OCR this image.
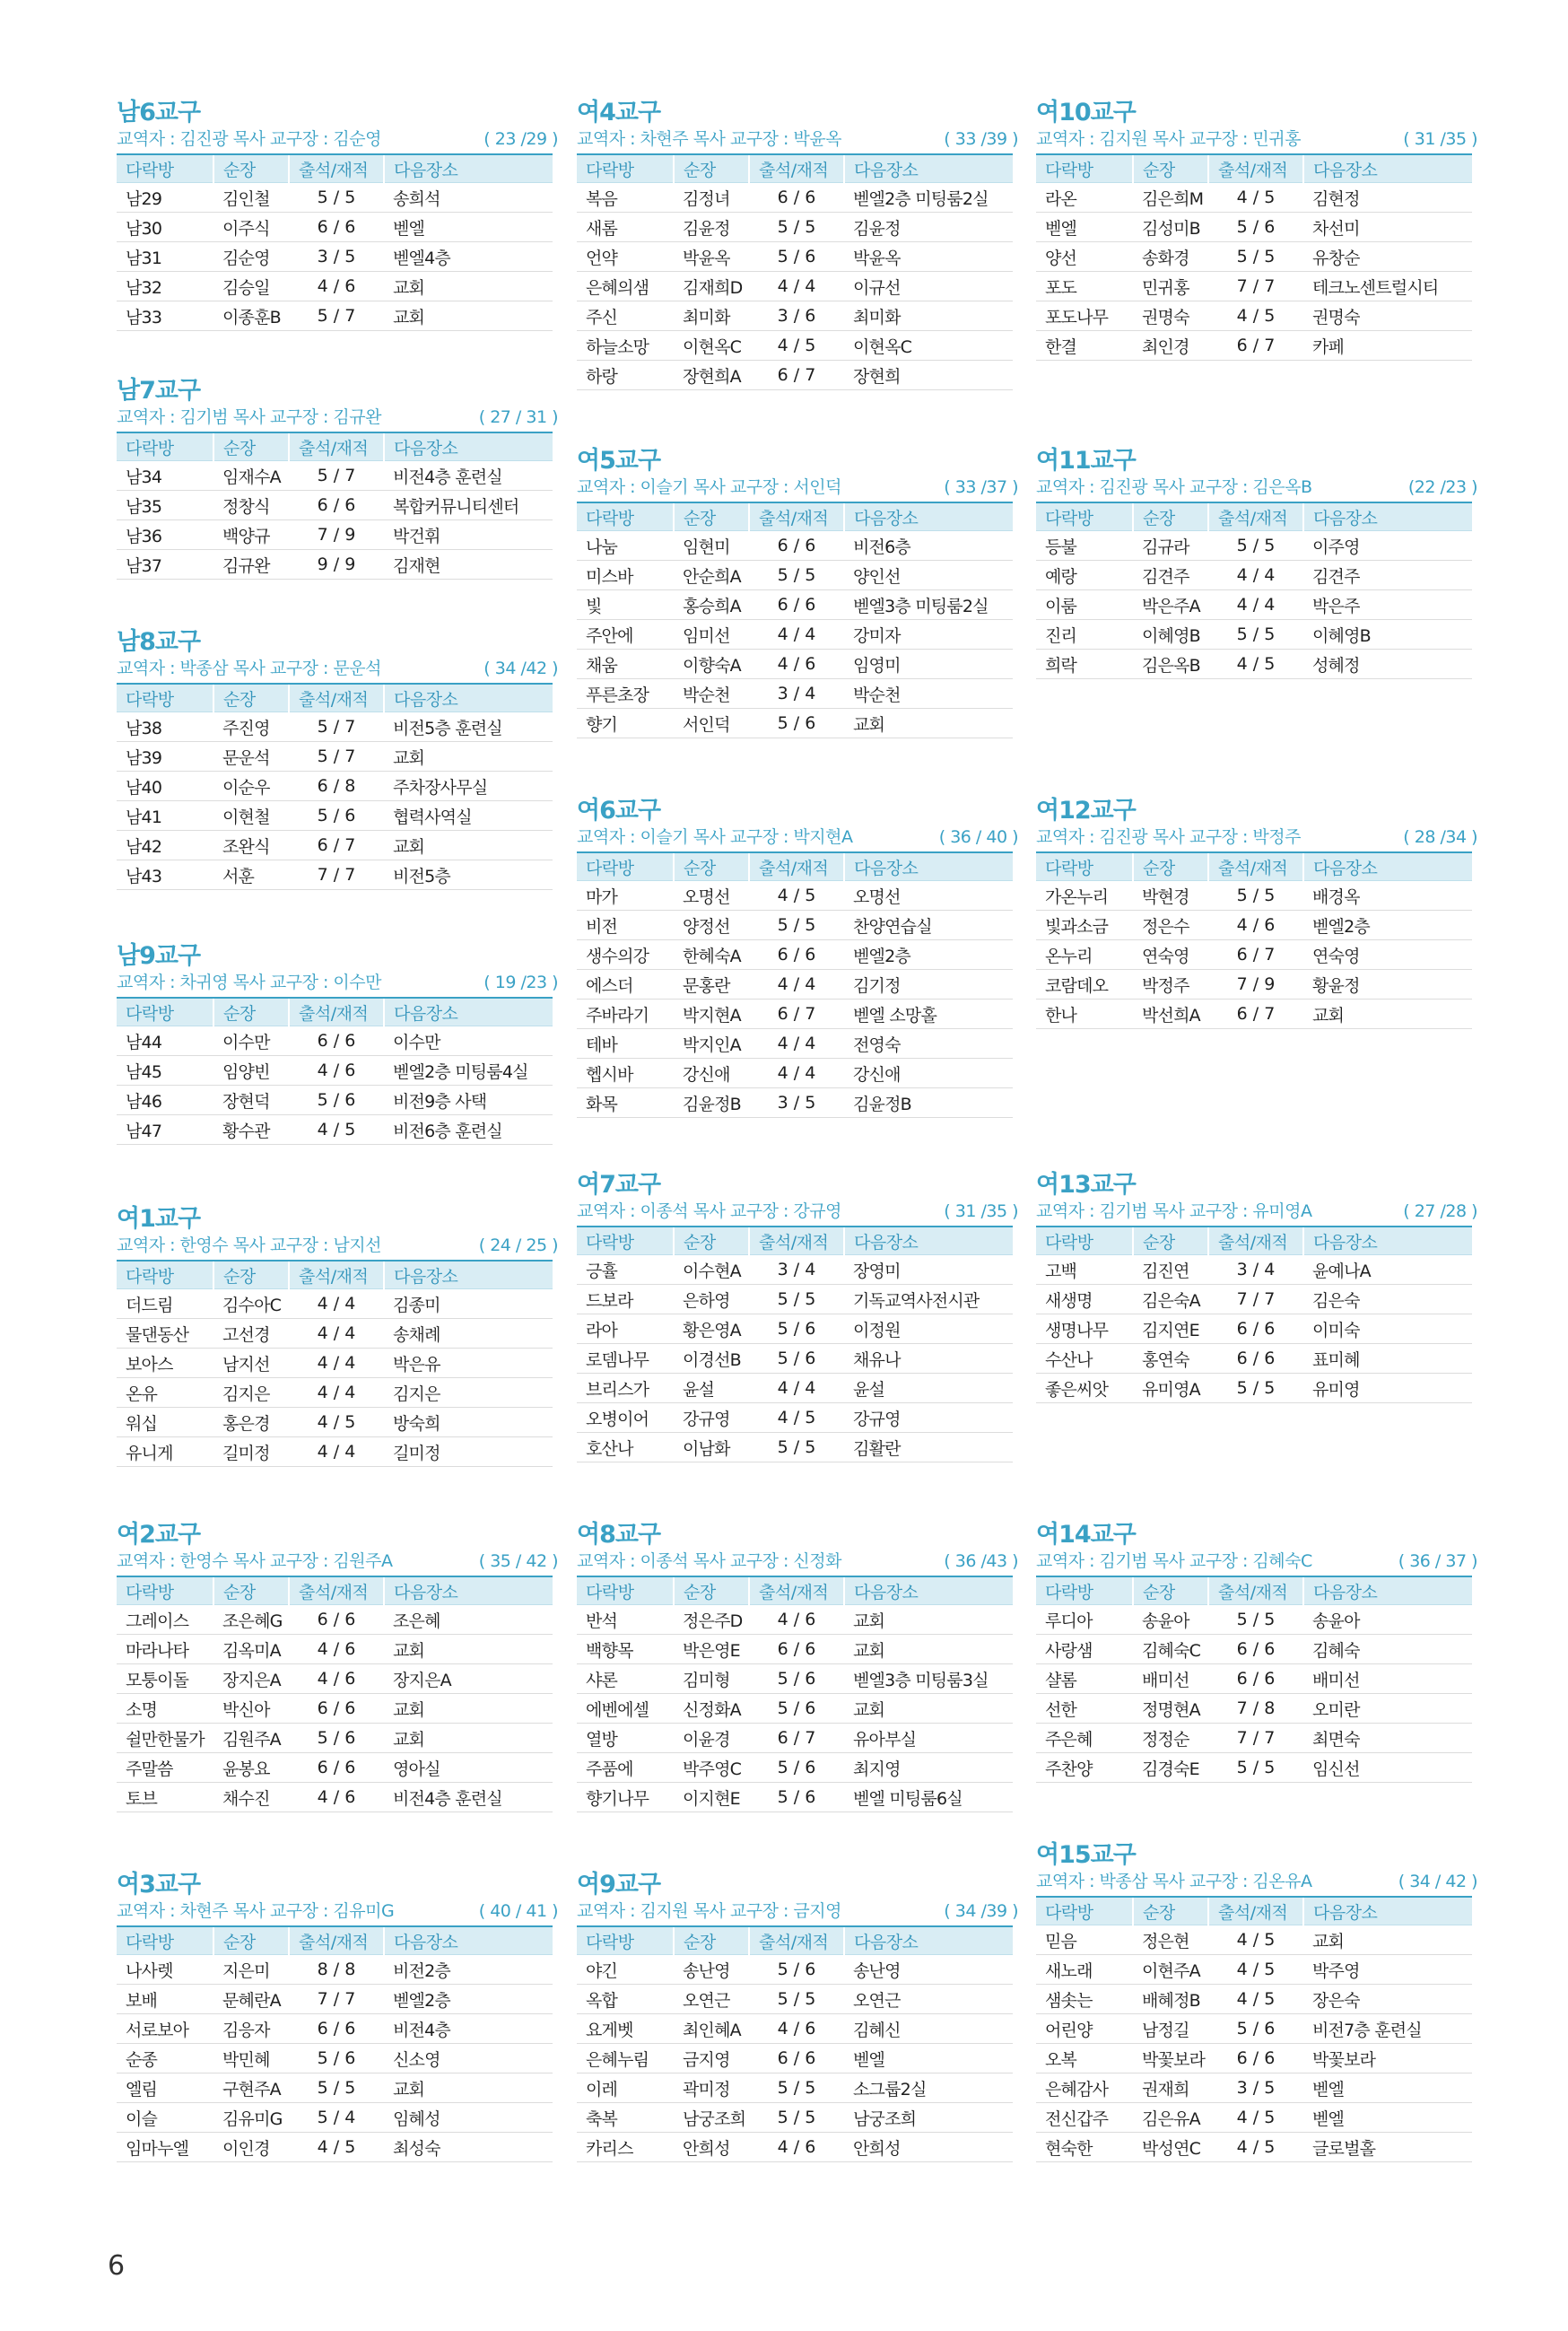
남6교구
교역자 : 김진광 목사 교구장 : 김순영	( 23 /29 )
다락방	순장	출석/재적	다음장소
남29	김인철	5 / 5	송희석
남30	이주식	6 / 6	벧엘
남31	김순영	3 / 5	벧엘4층
남32	김승일	4 / 6	교회
남33	이종훈B	5 / 7	교회
남7교구
교역자 : 김기범 목사 교구장 : 김규완	( 27 / 31 )
다락방	순장	출석/재적	다음장소
남34	임재수A	5 / 7	비전4층 훈련실
남35	정창식	6 / 6	복합커뮤니티센터
남36	백양규	7 / 9	박건휘
남37	김규완	9 / 9	김재현
남8교구
교역자 : 박종삼 목사 교구장 : 문운석	( 34 /42 )
다락방	순장	출석/재적	다음장소
남38	주진영	5 / 7	비전5층 훈련실
남39	문운석	5 / 7	교회
남40	이순우	6 / 8	주차장사무실
남41	이현철	5 / 6	협력사역실
남42	조완식	6 / 7	교회
남43	서훈	7 / 7	비전5층
남9교구
교역자 : 차귀영 목사 교구장 : 이수만	( 19 /23 )
다락방	순장	출석/재적	다음장소
남44	이수만	6 / 6	이수만
남45	임양빈	4 / 6	벧엘2층 미팅룸4실
남46	장현덕	5 / 6	비전9층 사택
남47	황수관	4 / 5	비전6층 훈련실
여1교구
교역자 : 한영수 목사 교구장 : 남지선	( 24 / 25 )
다락방	순장	출석/재적	다음장소
더드림	김수아C	4 / 4	김종미
물댄동산	고선경	4 / 4	송채례
보아스	남지선	4 / 4	박은유
온유	김지은	4 / 4	김지은
워십	홍은경	4 / 5	방숙희
유니게	길미정	4 / 4	길미정
여2교구
교역자 : 한영수 목사 교구장 : 김원주A	( 35 / 42 )
다락방	순장	출석/재적	다음장소
그레이스	조은혜G	6 / 6	조은혜
마라나타	김옥미A	4 / 6	교회
모퉁이돌	장지은A	4 / 6	장지은A
소명	박신아	6 / 6	교회
쉴만한물가	김원주A	5 / 6	교회
주말씀	윤봉요	6 / 6	영아실
토브	채수진	4 / 6	비전4층 훈련실
여3교구
교역자 : 차현주 목사 교구장 : 김유미G	( 40 / 41 )
다락방	순장	출석/재적	다음장소
나사렛	지은미	8 / 8	비전2층
보배	문혜란A	7 / 7	벧엘2층
서로보아	김응자	6 / 6	비전4층
순종	박민혜	5 / 6	신소영
엘림	구현주A	5 / 5	교회
이슬	김유미G	5 / 4	임혜성
임마누엘	이인경	4 / 5	최성숙
여4교구
교역자 : 차현주 목사 교구장 : 박윤옥	( 33 /39 )
다락방	순장	출석/재적	다음장소
복음	김정녀	6 / 6	벧엘2층 미팅룸2실
새롬	김윤정	5 / 5	김윤정
언약	박윤옥	5 / 6	박윤옥
은혜의샘	김재희D	4 / 4	이규선
주신	최미화	3 / 6	최미화
하늘소망	이현옥C	4 / 5	이현옥C
하랑	장현희A	6 / 7	장현희
여5교구
교역자 : 이슬기 목사 교구장 : 서인덕	( 33 /37 )
다락방	순장	출석/재적	다음장소
나눔	임현미	6 / 6	비전6층
미스바	안순희A	5 / 5	양인선
빛	홍승희A	6 / 6	벧엘3층 미팅룸2실
주안에	임미선	4 / 4	강미자
채움	이향숙A	4 / 6	임영미
푸른초장	박순천	3 / 4	박순천
향기	서인덕	5 / 6	교회
여6교구
교역자 : 이슬기 목사 교구장 : 박지현A	( 36 / 40 )
다락방	순장	출석/재적	다음장소
마가	오명선	4 / 5	오명선
비전	양정선	5 / 5	찬양연습실
생수의강	한혜숙A	6 / 6	벧엘2층
에스더	문홍란	4 / 4	김기정
주바라기	박지현A	6 / 7	벧엘 소망홀
테바	박지인A	4 / 4	전영숙
헵시바	강신애	4 / 4	강신애
화목	김윤정B	3 / 5	김윤정B
여7교구
교역자 : 이종석 목사 교구장 : 강규영	( 31 /35 )
다락방	순장	출석/재적	다음장소
긍휼	이수현A	3 / 4	장영미
드보라	은하영	5 / 5	기독교역사전시관
라아	황은영A	5 / 6	이정원
로뎀나무	이경선B	5 / 6	채유나
브리스가	윤설	4 / 4	윤설
오병이어	강규영	4 / 5	강규영
호산나	이남화	5 / 5	김활란
여8교구
교역자 : 이종석 목사 교구장 : 신정화	( 36 /43 )
다락방	순장	출석/재적	다음장소
반석	정은주D	4 / 6	교회
백향목	박은영E	6 / 6	교회
샤론	김미형	5 / 6	벧엘3층 미팅룸3실
에벤에셀	신정화A	5 / 6	교회
열방	이윤경	6 / 7	유아부실
주품에	박주영C	5 / 6	최지영
향기나무	이지현E	5 / 6	벧엘 미팅룸6실
여9교구
교역자 : 김지원 목사 교구장 : 금지영	( 34 /39 )
다락방	순장	출석/재적	다음장소
야긴	송난영	5 / 6	송난영
옥합	오연근	5 / 5	오연근
요게벳	최인혜A	4 / 6	김혜신
은혜누림	금지영	6 / 6	벧엘
이레	곽미정	5 / 5	소그룹2실
축복	남궁조희	5 / 5	남궁조희
카리스	안희성	4 / 6	안희성
여10교구
교역자 : 김지원 목사 교구장 : 민귀홍	( 31 /35 )
다락방	순장	출석/재적	다음장소
라온	김은희M	4 / 5	김현정
벧엘	김성미B	5 / 6	차선미
양선	송화경	5 / 5	유창순
포도	민귀홍	7 / 7	테크노센트럴시티
포도나무	권명숙	4 / 5	권명숙
한결	최인경	6 / 7	카페
여11교구
교역자 : 김진광 목사 교구장 : 김은옥B	(22 /23 )
다락방	순장	출석/재적	다음장소
등불	김규라	5 / 5	이주영
예랑	김견주	4 / 4	김견주
이룸	박은주A	4 / 4	박은주
진리	이혜영B	5 / 5	이혜영B
희락	김은옥B	4 / 5	성혜정
여12교구
교역자 : 김진광 목사 교구장 : 박정주	( 28 /34 )
다락방	순장	출석/재적	다음장소
가온누리	박현경	5 / 5	배경옥
빛과소금	정은수	4 / 6	벧엘2층
온누리	연숙영	6 / 7	연숙영
코람데오	박정주	7 / 9	황윤정
한나	박선희A	6 / 7	교회
여13교구
교역자 : 김기범 목사 교구장 : 유미영A	( 27 /28 )
다락방	순장	출석/재적	다음장소
고백	김진연	3 / 4	윤예나A
새생명	김은숙A	7 / 7	김은숙
생명나무	김지연E	6 / 6	이미숙
수산나	홍연숙	6 / 6	표미혜
좋은씨앗	유미영A	5 / 5	유미영
여14교구
교역자 : 김기범 목사 교구장 : 김혜숙C	( 36 / 37 )
다락방	순장	출석/재적	다음장소
루디아	송윤아	5 / 5	송윤아
사랑샘	김혜숙C	6 / 6	김혜숙
샬롬	배미선	6 / 6	배미선
선한	정명현A	7 / 8	오미란
주은혜	정정순	7 / 7	최면숙
주찬양	김경숙E	5 / 5	임신선
여15교구
교역자 : 박종삼 목사 교구장 : 김온유A	( 34 / 42 )
다락방	순장	출석/재적	다음장소
믿음	정은현	4 / 5	교회
새노래	이현주A	4 / 5	박주영
샘솟는	배혜정B	4 / 5	장은숙
어린양	남정길	5 / 6	비전7층 훈련실
오복	박꽃보라	6 / 6	박꽃보라
은혜감사	권재희	3 / 5	벧엘
전신갑주	김은유A	4 / 5	벧엘
현숙한	박성연C	4 / 5	글로벌홀
6
